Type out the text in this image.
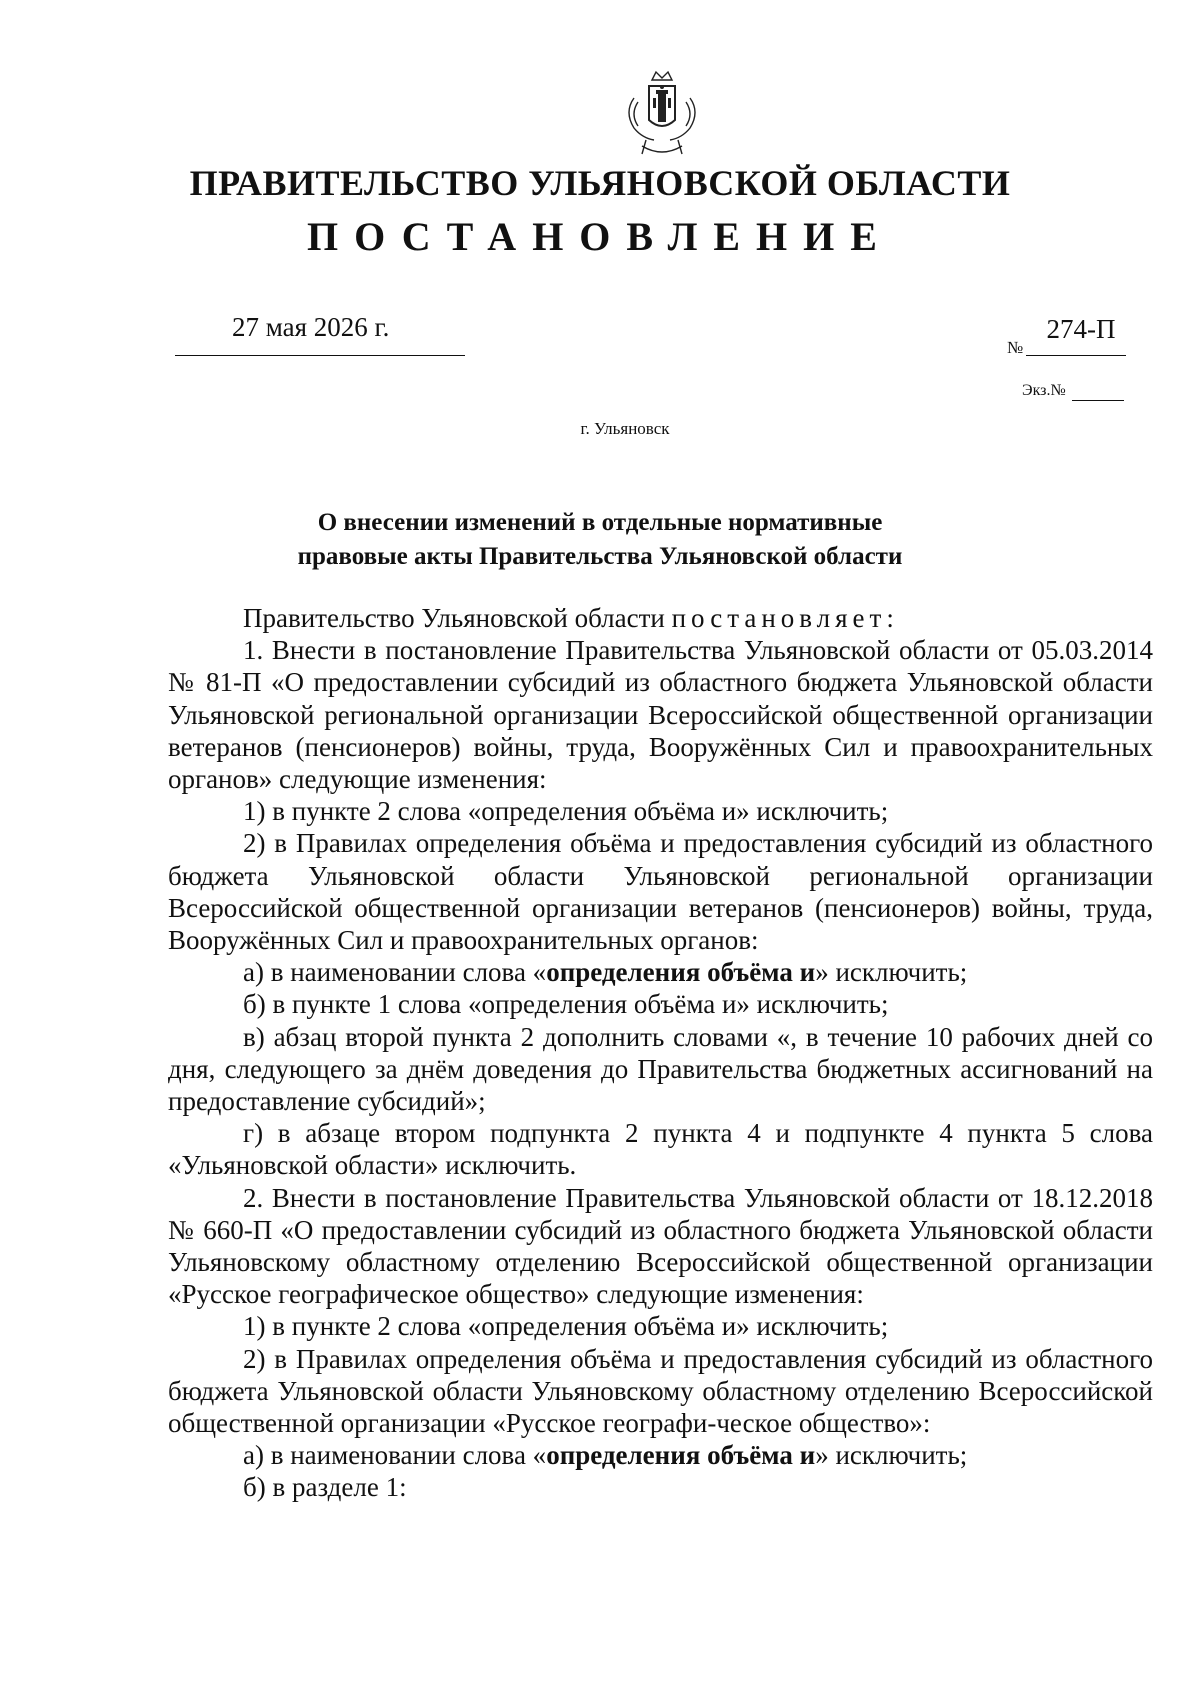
ПРАВИТЕЛЬСТВО УЛЬЯНОВСКОЙ ОБЛАСТИ
ПОСТАНОВЛЕНИЕ
27 мая 2026 г.
№
274-П
Экз.№
г. Ульяновск
О внесении изменений в отдельные нормативные
правовые акты Правительства Ульяновской области

Правительство Ульяновской области постановляет:

1. Внести в постановление Правительства Ульяновской области от 05.03.2014 № 81-П «О предоставлении субсидий из областного бюджета Ульяновской области Ульяновской региональной организации Всероссийской общественной организации ветеранов (пенсионеров) войны, труда, Вооружённых Сил и правоохранительных органов» следующие изменения:

1) в пункте 2 слова «определения объёма и» исключить;

2) в Правилах определения объёма и предоставления субсидий из областного бюджета Ульяновской области Ульяновской региональной организации Всероссийской общественной организации ветеранов (пенсионеров) войны, труда, Вооружённых Сил и правоохранительных органов:

а) в наименовании слова «определения объёма и» исключить;

б) в пункте 1 слова «определения объёма и» исключить;

в) абзац второй пункта 2 дополнить словами «, в течение 10 рабочих дней со дня, следующего за днём доведения до Правительства бюджетных ассигнований на предоставление субсидий»;

г) в абзаце втором подпункта 2 пункта 4 и подпункте 4 пункта 5 слова «Ульяновской области» исключить.

2. Внести в постановление Правительства Ульяновской области от 18.12.2018 № 660-П «О предоставлении субсидий из областного бюджета Ульяновской области Ульяновскому областному отделению Всероссийской общественной организации «Русское географическое общество» следующие изменения:

1) в пункте 2 слова «определения объёма и» исключить;

2) в Правилах определения объёма и предоставления субсидий из областного бюджета Ульяновской области Ульяновскому областному отделению Всероссийской общественной организации «Русское географи-ческое общество»:

а) в наименовании слова «определения объёма и» исключить;

б) в разделе 1:
